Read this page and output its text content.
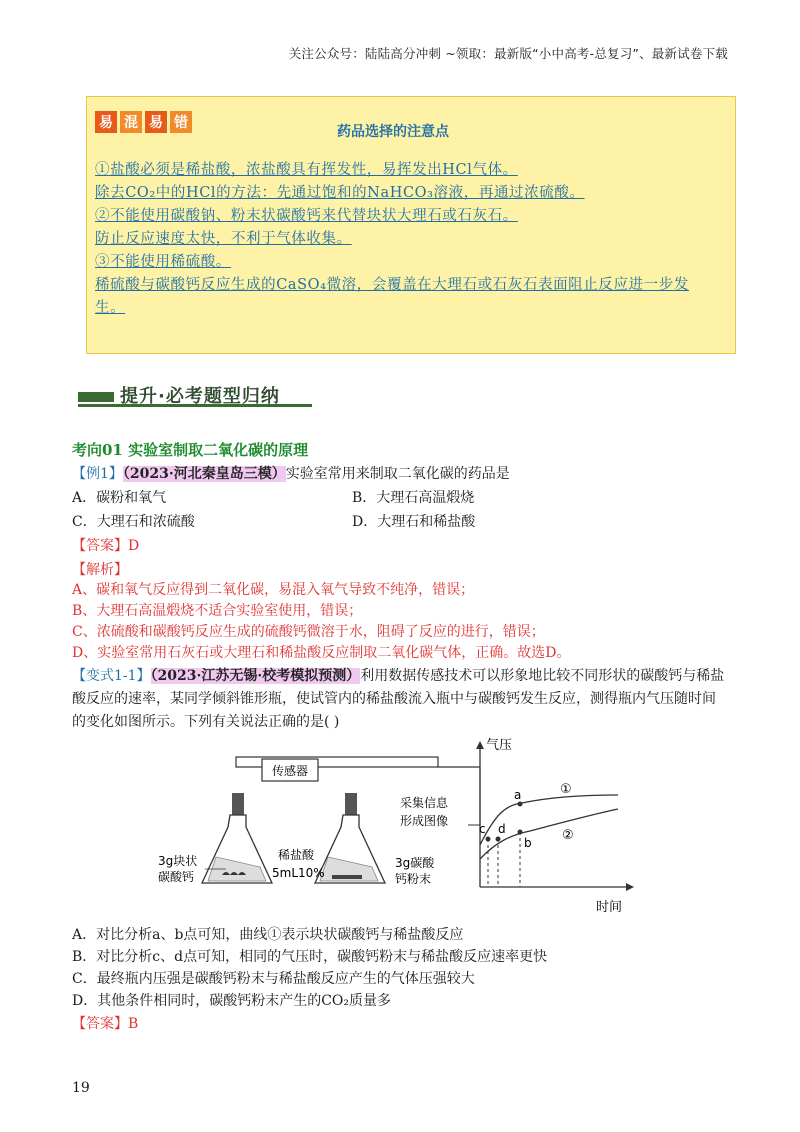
关注公众号：陆陆高分冲刺 ~领取：最新版“小中高考-总复习”、最新试卷下载
易 混 易 错
药品选择的注意点
①盐酸必须是稀盐酸，浓盐酸具有挥发性，易挥发出HCl气体。
除去CO₂中的HCl的方法：先通过饱和的NaHCO₃溶液，再通过浓硫酸。
②不能使用碳酸钠、粉末状碳酸钙来代替块状大理石或石灰石。
防止反应速度太快，不利于气体收集。
③不能使用稀硫酸。
稀硫酸与碳酸钙反应生成的CaSO₄微溶，会覆盖在大理石或石灰石表面阻止反应进一步发
生。
提升·必考题型归纳
考向01 实验室制取二氧化碳的原理
【例1】（2023·河北秦皇岛三模）实验室常用来制取二氧化碳的药品是
A．碳粉和氧气	B．大理石高温煅烧
C．大理石和浓硫酸	D．大理石和稀盐酸
【答案】D
【解析】
A、碳和氧气反应得到二氧化碳，易混入氧气导致不纯净，错误；
B、大理石高温煅烧不适合实验室使用，错误；
C、浓硫酸和碳酸钙反应生成的硫酸钙微溶于水，阻碍了反应的进行，错误；
D、实验室常用石灰石或大理石和稀盐酸反应制取二氧化碳气体，正确。故选D。
【变式1-1】（2023·江苏无锡·校考模拟预测）利用数据传感技术可以形象地比较不同形状的碳酸钙与稀盐
酸反应的速率，某同学倾斜锥形瓶，使试管内的稀盐酸流入瓶中与碳酸钙发生反应，测得瓶内气压随时间
的变化如图所示。下列有关说法正确的是( )
传感器
3g块状
碳酸钙
稀盐酸
5mL10%
3g碳酸
钙粉末
采集信息
形成图像
气压
时间
a
b
c d
①
②
A．对比分析a、b点可知，曲线①表示块状碳酸钙与稀盐酸反应
B．对比分析c、d点可知，相同的气压时，碳酸钙粉末与稀盐酸反应速率更快
C．最终瓶内压强是碳酸钙粉末与稀盐酸反应产生的气体压强较大
D．其他条件相同时，碳酸钙粉末产生的CO₂质量多
【答案】B
19
